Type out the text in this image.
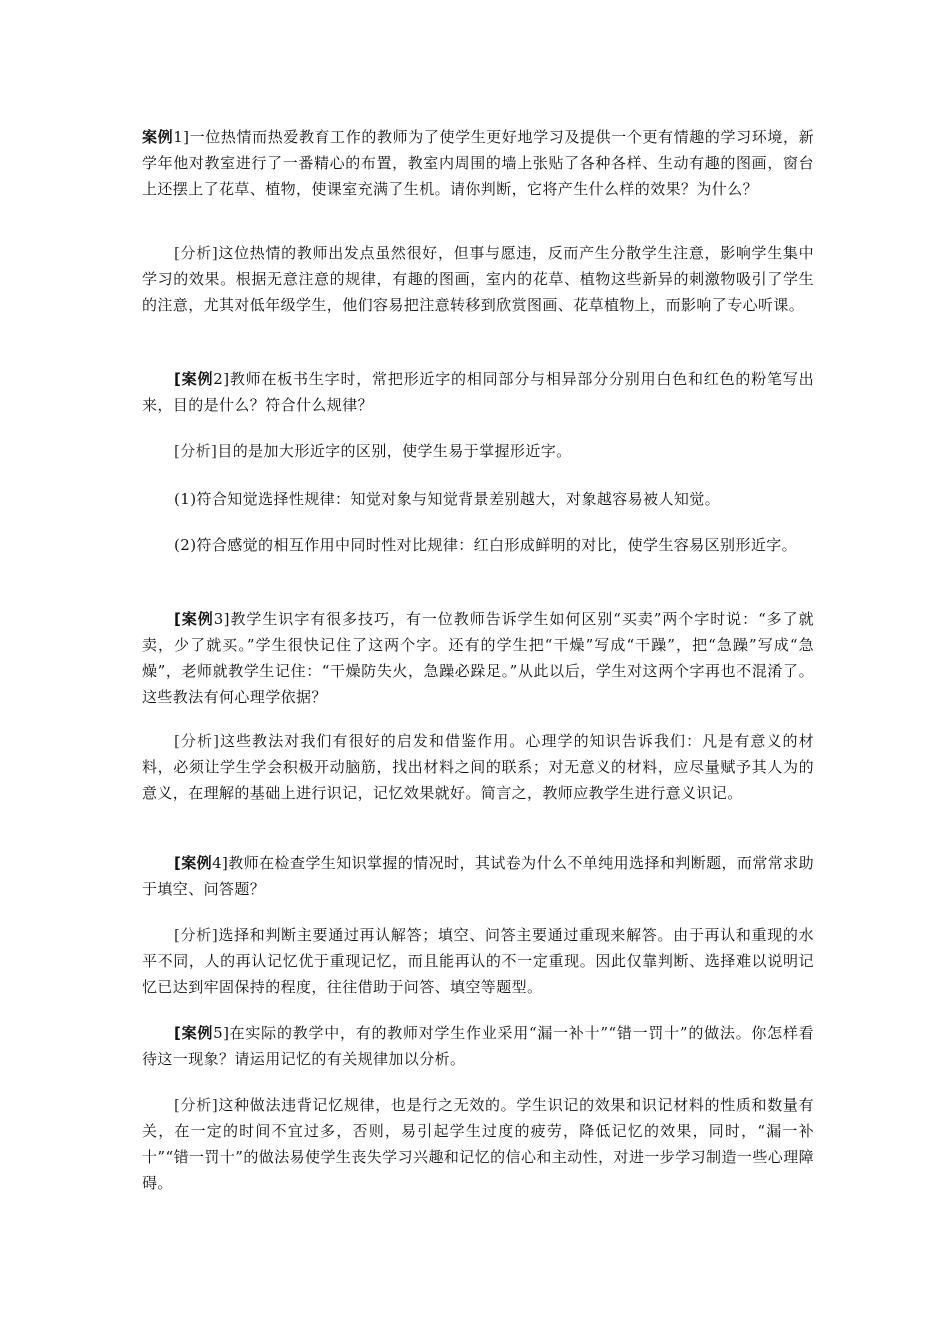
案例1]一位热情而热爱教育工作的教师为了使学生更好地学习及提供一个更有情趣的学习环境，新学年他对教室进行了一番精心的布置，教室内周围的墙上张贴了各种各样、生动有趣的图画，窗台上还摆上了花草、植物，使课室充满了生机。请你判断，它将产生什么样的效果？为什么？

[分析]这位热情的教师出发点虽然很好，但事与愿违，反而产生分散学生注意，影响学生集中学习的效果。根据无意注意的规律，有趣的图画，室内的花草、植物这些新异的刺激物吸引了学生的注意，尤其对低年级学生，他们容易把注意转移到欣赏图画、花草植物上，而影响了专心听课。

[案例2]教师在板书生字时，常把形近字的相同部分与相异部分分别用白色和红色的粉笔写出来，目的是什么？符合什么规律？

[分析]目的是加大形近字的区别，使学生易于掌握形近字。

(1)符合知觉选择性规律：知觉对象与知觉背景差别越大，对象越容易被人知觉。

(2)符合感觉的相互作用中同时性对比规律：红白形成鲜明的对比，使学生容易区别形近字。

[案例3]教学生识字有很多技巧，有一位教师告诉学生如何区别“买卖”两个字时说：“多了就卖，少了就买。”学生很快记住了这两个字。还有的学生把“干燥”写成“干躁”，把“急躁”写成“急燥”，老师就教学生记住：“干燥防失火，急躁必跺足。”从此以后，学生对这两个字再也不混淆了。这些教法有何心理学依据？

[分析]这些教法对我们有很好的启发和借鉴作用。心理学的知识告诉我们：凡是有意义的材料，必须让学生学会积极开动脑筋，找出材料之间的联系；对无意义的材料，应尽量赋予其人为的意义，在理解的基础上进行识记，记忆效果就好。简言之，教师应教学生进行意义识记。

[案例4]教师在检查学生知识掌握的情况时，其试卷为什么不单纯用选择和判断题，而常常求助于填空、问答题？

[分析]选择和判断主要通过再认解答；填空、问答主要通过重现来解答。由于再认和重现的水平不同，人的再认记忆优于重现记忆，而且能再认的不一定重现。因此仅靠判断、选择难以说明记忆已达到牢固保持的程度，往往借助于问答、填空等题型。

[案例5]在实际的教学中，有的教师对学生作业采用“漏一补十”“错一罚十”的做法。你怎样看待这一现象？请运用记忆的有关规律加以分析。

[分析]这种做法违背记忆规律，也是行之无效的。学生识记的效果和识记材料的性质和数量有关，在一定的时间不宜过多，否则，易引起学生过度的疲劳，降低记忆的效果，同时，“漏一补十”“错一罚十”的做法易使学生丧失学习兴趣和记忆的信心和主动性，对进一步学习制造一些心理障碍。
